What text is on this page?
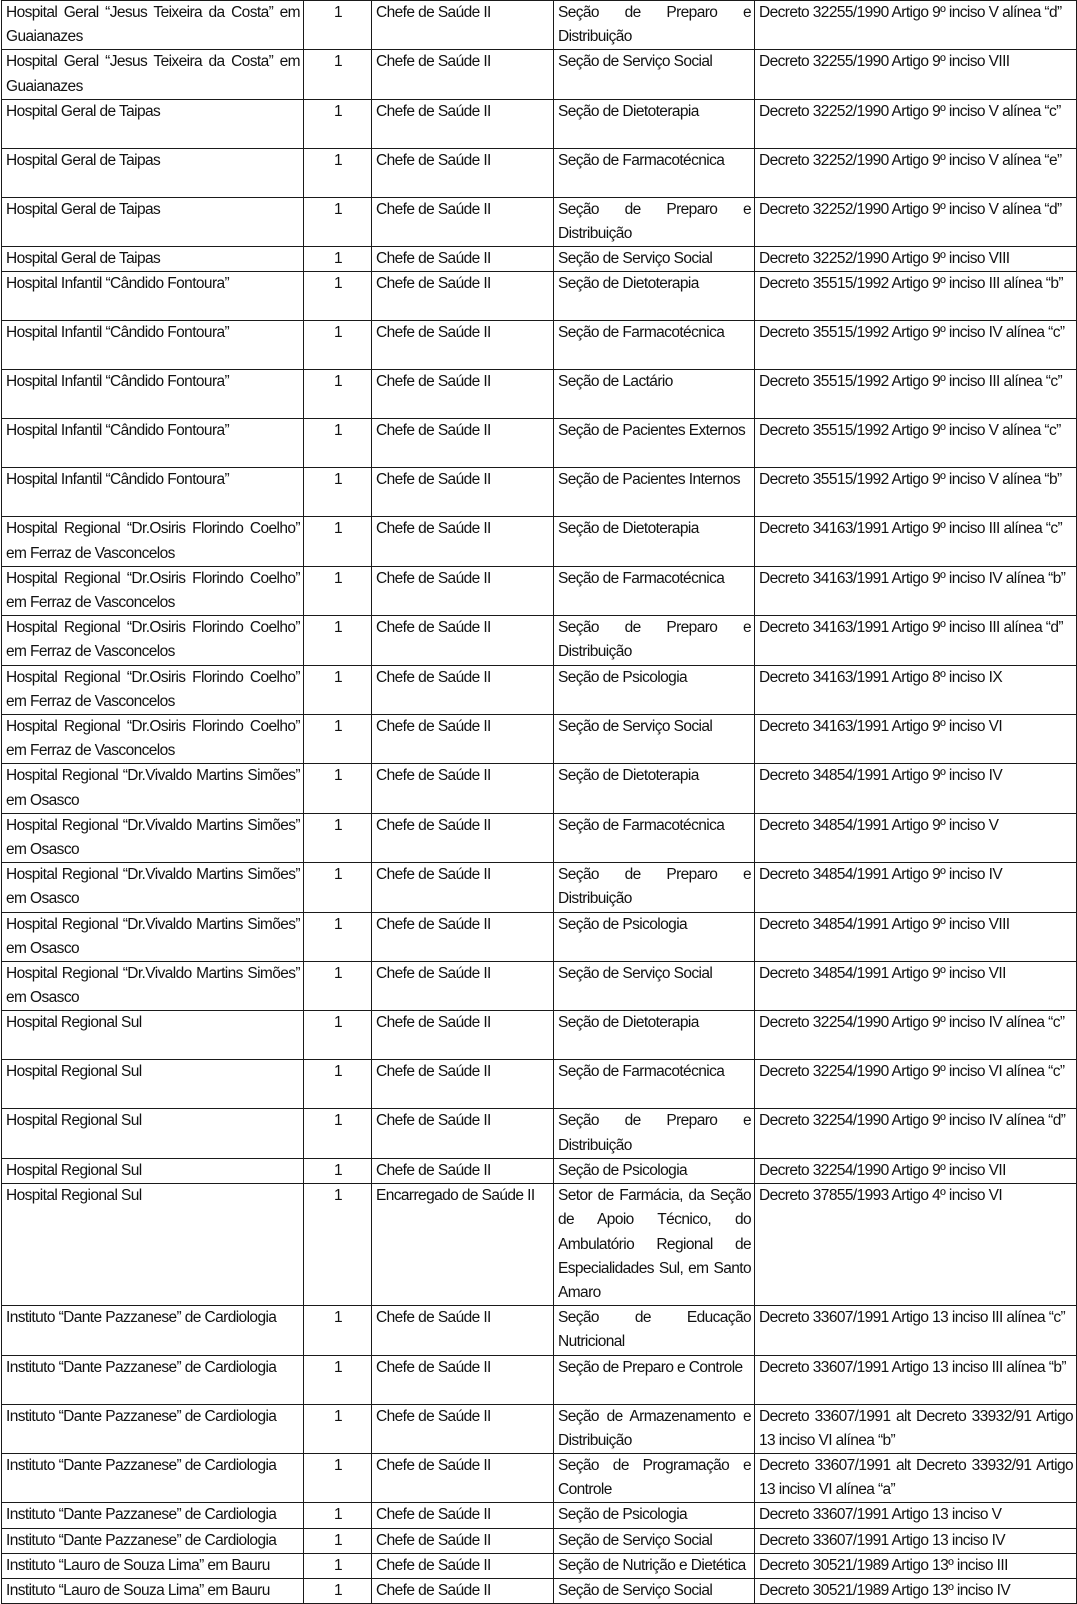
Hospital Geral “Jesus Teixeira da Costa” em Guaianazes	1	Chefe de Saúde II	Seção de Preparo e Distribuição	Decreto 32255/1990 Artigo 9º inciso V alínea “d”
Hospital Geral “Jesus Teixeira da Costa” em Guaianazes	1	Chefe de Saúde II	Seção de Serviço Social	Decreto 32255/1990 Artigo 9º inciso VIII
Hospital Geral de Taipas	1	Chefe de Saúde II	Seção de Dietoterapia	Decreto 32252/1990 Artigo 9º inciso V alínea “c”
Hospital Geral de Taipas	1	Chefe de Saúde II	Seção de Farmacotécnica	Decreto 32252/1990 Artigo 9º inciso V alínea “e”
Hospital Geral de Taipas	1	Chefe de Saúde II	Seção de Preparo e Distribuição	Decreto 32252/1990 Artigo 9º inciso V alínea “d”
Hospital Geral de Taipas	1	Chefe de Saúde II	Seção de Serviço Social	Decreto 32252/1990 Artigo 9º inciso VIII
Hospital Infantil “Cândido Fontoura”	1	Chefe de Saúde II	Seção de Dietoterapia	Decreto 35515/1992 Artigo 9º inciso III alínea “b”
Hospital Infantil “Cândido Fontoura”	1	Chefe de Saúde II	Seção de Farmacotécnica	Decreto 35515/1992 Artigo 9º inciso IV alínea “c”
Hospital Infantil “Cândido Fontoura”	1	Chefe de Saúde II	Seção de Lactário	Decreto 35515/1992 Artigo 9º inciso III alínea “c”
Hospital Infantil “Cândido Fontoura”	1	Chefe de Saúde II	Seção de Pacientes Externos	Decreto 35515/1992 Artigo 9º inciso V alínea “c”
Hospital Infantil “Cândido Fontoura”	1	Chefe de Saúde II	Seção de Pacientes Internos	Decreto 35515/1992 Artigo 9º inciso V alínea “b”
Hospital Regional “Dr.Osiris Florindo Coelho” em Ferraz de Vasconcelos	1	Chefe de Saúde II	Seção de Dietoterapia	Decreto 34163/1991 Artigo 9º inciso III alínea “c”
Hospital Regional “Dr.Osiris Florindo Coelho” em Ferraz de Vasconcelos	1	Chefe de Saúde II	Seção de Farmacotécnica	Decreto 34163/1991 Artigo 9º inciso IV alínea “b”
Hospital Regional “Dr.Osiris Florindo Coelho” em Ferraz de Vasconcelos	1	Chefe de Saúde II	Seção de Preparo e Distribuição	Decreto 34163/1991 Artigo 9º inciso III alínea “d”
Hospital Regional “Dr.Osiris Florindo Coelho” em Ferraz de Vasconcelos	1	Chefe de Saúde II	Seção de Psicologia	Decreto 34163/1991 Artigo 8º inciso IX
Hospital Regional “Dr.Osiris Florindo Coelho” em Ferraz de Vasconcelos	1	Chefe de Saúde II	Seção de Serviço Social	Decreto 34163/1991 Artigo 9º inciso VI
Hospital Regional “Dr.Vivaldo Martins Simões” em Osasco	1	Chefe de Saúde II	Seção de Dietoterapia	Decreto 34854/1991 Artigo 9º inciso IV
Hospital Regional “Dr.Vivaldo Martins Simões” em Osasco	1	Chefe de Saúde II	Seção de Farmacotécnica	Decreto 34854/1991 Artigo 9º inciso V
Hospital Regional “Dr.Vivaldo Martins Simões” em Osasco	1	Chefe de Saúde II	Seção de Preparo e Distribuição	Decreto 34854/1991 Artigo 9º inciso IV
Hospital Regional “Dr.Vivaldo Martins Simões” em Osasco	1	Chefe de Saúde II	Seção de Psicologia	Decreto 34854/1991 Artigo 9º inciso VIII
Hospital Regional “Dr.Vivaldo Martins Simões” em Osasco	1	Chefe de Saúde II	Seção de Serviço Social	Decreto 34854/1991 Artigo 9º inciso VII
Hospital Regional Sul	1	Chefe de Saúde II	Seção de Dietoterapia	Decreto 32254/1990 Artigo 9º inciso IV alínea “c”
Hospital Regional Sul	1	Chefe de Saúde II	Seção de Farmacotécnica	Decreto 32254/1990 Artigo 9º inciso VI alínea “c”
Hospital Regional Sul	1	Chefe de Saúde II	Seção de Preparo e Distribuição	Decreto 32254/1990 Artigo 9º inciso IV alínea “d”
Hospital Regional Sul	1	Chefe de Saúde II	Seção de Psicologia	Decreto 32254/1990 Artigo 9º inciso VII
Hospital Regional Sul	1	Encarregado de Saúde II	Setor de Farmácia, da Seção de Apoio Técnico, do Ambulatório Regional de Especialidades Sul, em Santo Amaro	Decreto 37855/1993 Artigo 4º inciso VI
Instituto “Dante Pazzanese” de Cardiologia	1	Chefe de Saúde II	Seção de Educação Nutricional	Decreto 33607/1991 Artigo 13 inciso III alínea “c”
Instituto “Dante Pazzanese” de Cardiologia	1	Chefe de Saúde II	Seção de Preparo e Controle	Decreto 33607/1991 Artigo 13 inciso III alínea “b”
Instituto “Dante Pazzanese” de Cardiologia	1	Chefe de Saúde II	Seção de Armazenamento e Distribuição	Decreto 33607/1991 alt Decreto 33932/91 Artigo 13 inciso VI alínea “b”
Instituto “Dante Pazzanese” de Cardiologia	1	Chefe de Saúde II	Seção de Programação e Controle	Decreto 33607/1991 alt Decreto 33932/91 Artigo 13 inciso VI alínea “a”
Instituto “Dante Pazzanese” de Cardiologia	1	Chefe de Saúde II	Seção de Psicologia	Decreto 33607/1991 Artigo 13 inciso V
Instituto “Dante Pazzanese” de Cardiologia	1	Chefe de Saúde II	Seção de Serviço Social	Decreto 33607/1991 Artigo 13 inciso IV
Instituto “Lauro de Souza Lima” em Bauru	1	Chefe de Saúde II	Seção de Nutrição e Dietética	Decreto 30521/1989 Artigo 13º inciso III
Instituto “Lauro de Souza Lima” em Bauru	1	Chefe de Saúde II	Seção de Serviço Social	Decreto 30521/1989 Artigo 13º inciso IV
